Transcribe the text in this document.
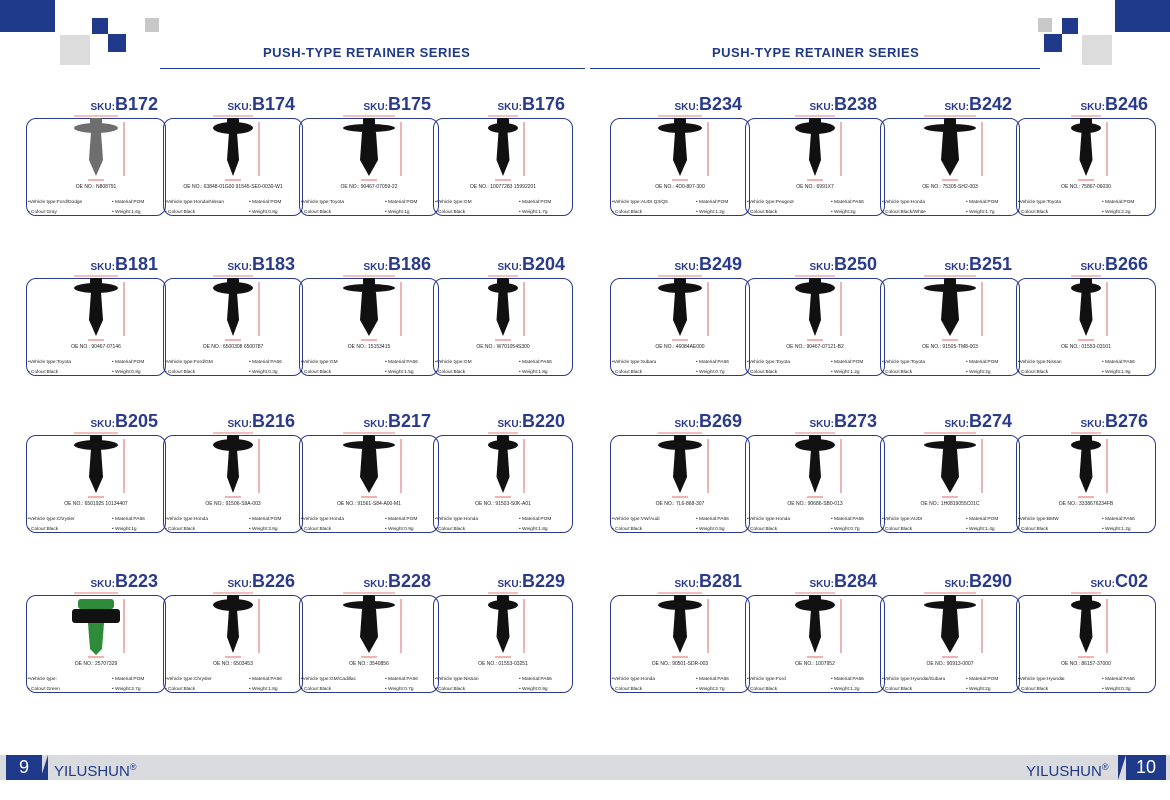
PUSH-TYPE RETAINER SERIES	PUSH-TYPE RETAINER SERIES
SKU:B172
OE NO.: N808791
•Vehicle type:Ford/Dodge	• Material:POM
• Colour:Gray	• Weight:1.6g
SKU:B174
OE NO.: 63848-01G00 91545-SE0-0030-W1
•Vehicle type:Honda/Nissan	• Material:POM
• Colour:Black	• Weight:0.8g
SKU:B175
OE NO.: 90467-07059-22
•Vehicle type:Toyota	• Material:POM
• Colour:Black	• Weight:1g
SKU:B176
OE NO.: 10077283 15992201
•Vehicle type:GM	• Material:POM
• Colour:Black	• Weight:1.7g
SKU:B234
OE NO.: 4D0-807-300
•Vehicle type:AUDI Q3/Q5	• Material:POM
• Colour:Black	• Weight:1.2g
SKU:B238
OE NO.: 6991X7
•Vehicle type:Peugeot	• Material:PA66
• Colour:Black	• Weight:2g
SKU:B242
OE NO.: 75305-SH2-003
•Vehicle type:Honda	• Material:POM
• Colour:Black/White	• Weight:1.7g
SKU:B246
OE NO.: 75867-06030
•Vehicle type:Toyota	• Material:POM
• Colour:Black	• Weight:2.2g
SKU:B181
OE NO.: 90467-07146
•Vehicle type:Toyota	• Material:POM
• Colour:Black	• Weight:0.9g
SKU:B183
OE NO.: 6500308 6500787
•Vehicle type:Ford/GM	• Material:PA66
• Colour:Black	• Weight:0.3g
SKU:B186
OE NO.: 15153415
•Vehicle type:GM	• Material:PA66
• Colour:Black	• Weight:1.5g
SKU:B204
OE NO.: W701054S300
•Vehicle type:GM	• Material:PA66
• Colour:Black	• Weight:1.8g
SKU:B249
OE NO.: 46084AE000
•Vehicle type:Subaru	• Material:PA66
• Colour:Black	• Weight:0.7g
SKU:B250
OE NO.: 90467-07121-B2
•Vehicle type:Toyota	• Material:POM
• Colour:Black	• Weight:1.2g
SKU:B251
OE NO.: 91505-TM8-003
•Vehicle type:Toyota	• Material:POM
• Colour:Black	• Weight:2g
SKU:B266
OE NO.: 01553-03101
•Vehicle type:Nissan	• Material:PA66
• Colour:Black	• Weight:1.9g
SKU:B205
OE NO.: 6501925 10134407
•Vehicle type:Chrysler	• Material:PA66
• Colour:Black	• Weight:1g
SKU:B216
OE NO.: 91506-S9A-003
•Vehicle type:Honda	• Material:POM
• Colour:Black	• Weight:3.6g
SKU:B217
OE NO.: 91561-S84-A00-M1
•Vehicle type:Honda	• Material:POM
• Colour:Black	• Weight:0.9g
SKU:B220
OE NO.: 91503-S0K-A01
•Vehicle type:Honda	• Material:POM
• Colour:Black	• Weight:1.8g
SKU:B269
OE NO.: 7L6-868-307
•Vehicle type:VW/Audi	• Material:PA66
• Colour:Black	• Weight:0.5g
SKU:B273
OE NO.: 90686-SB0-013
•Vehicle type:Honda	• Material:PA66
• Colour:Black	• Weight:0.7g
SKU:B274
OE NO.: 1H0819055C01C
•Vehicle type:AUDI	• Material:POM
• Colour:Black	• Weight:1.4g
SKU:B276
OE NO.: 3338676234FB
•Vehicle type:BMW	• Material:PA66
• Colour:Black	• Weight:1.2g
SKU:B223
OE NO.: 25707329
•Vehicle type:	• Material:POM
• Colour:Green	• Weight:2.7g
SKU:B226
OE NO.: 6503453
•Vehicle type:Chrysler	• Material:PA66
• Colour:Black	• Weight:1.8g
SKU:B228
OE NO.: 3540856
•Vehicle type:GM/Cadillac	• Material:PA66
• Colour:Black	• Weight:0.7g
SKU:B229
OE NO.: 01553-03251
•Vehicle type:Nissan	• Material:PA66
• Colour:Black	• Weight:0.9g
SKU:B281
OE NO.: 90501-SDR-003
•Vehicle type:Honda	• Material:PA66
• Colour:Black	• Weight:2.7g
SKU:B284
OE NO.: 1007952
•Vehicle type:Ford	• Material:PA66
• Colour:Black	• Weight:1.2g
SKU:B290
OE NO.: 90913-0007
•Vehicle type:Hyundai/Subaru	• Material:POM
• Colour:Black	• Weight:2g
SKU:C02
OE NO.: 86157-37000
•Vehicle type:Hyundai	• Material:PA66
• Colour:Black	• Weight:0.3g
9	YILUSHUN®	YILUSHUN®	10
